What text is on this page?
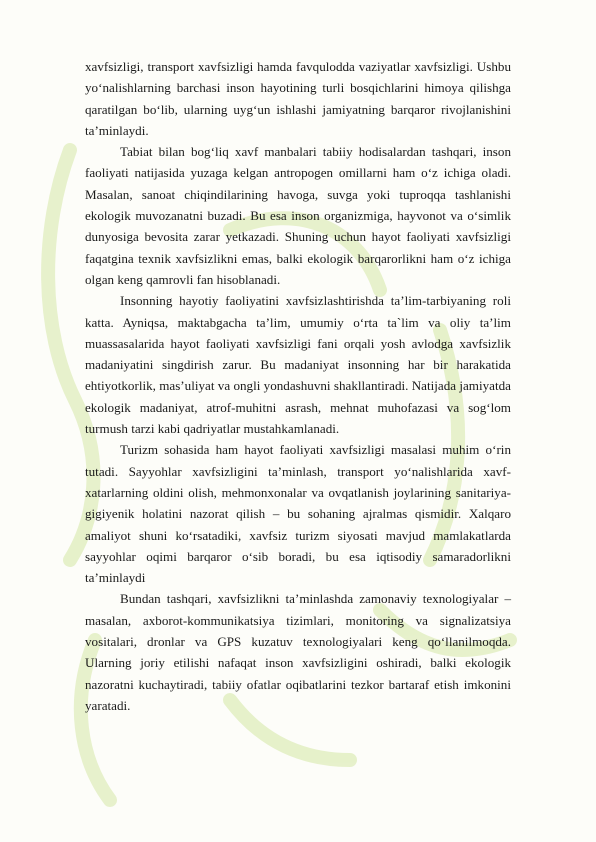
xavfsizligi, transport xavfsizligi hamda favqulodda vaziyatlar xavfsizligi. Ushbu yo‘nalishlarning barchasi inson hayotining turli bosqichlarini himoya qilishga qaratilgan bo‘lib, ularning uyg‘un ishlashi jamiyatning barqaror rivojlanishini ta’minlaydi.

Tabiat bilan bog‘liq xavf manbalari tabiiy hodisalardan tashqari, inson faoliyati natijasida yuzaga kelgan antropogen omillarni ham o‘z ichiga oladi. Masalan, sanoat chiqindilarining havoga, suvga yoki tuproqqa tashlanishi ekologik muvozanatni buzadi. Bu esa inson organizmiga, hayvonot va o‘simlik dunyosiga bevosita zarar yetkazadi. Shuning uchun hayot faoliyati xavfsizligi faqatgina texnik xavfsizlikni emas, balki ekologik barqarorlikni ham o‘z ichiga olgan keng qamrovli fan hisoblanadi.

Insonning hayotiy faoliyatini xavfsizlashtirishda ta’lim-tarbiyaning roli katta. Ayniqsa, maktabgacha ta’lim, umumiy o‘rta ta`lim va oliy ta’lim muassasalarida hayot faoliyati xavfsizligi fani orqali yosh avlodga xavfsizlik madaniyatini singdirish zarur. Bu madaniyat insonning har bir harakatida ehtiyotkorlik, mas’uliyat va ongli yondashuvni shakllantiradi. Natijada jamiyatda ekologik madaniyat, atrof-muhitni asrash, mehnat muhofazasi va sog‘lom turmush tarzi kabi qadriyatlar mustahkamlanadi.

Turizm sohasida ham hayot faoliyati xavfsizligi masalasi muhim o‘rin tutadi. Sayyohlar xavfsizligini ta’minlash, transport yo‘nalishlarida xavf-xatarlarning oldini olish, mehmonxonalar va ovqatlanish joylarining sanitariya-gigiyenik holatini nazorat qilish – bu sohaning ajralmas qismidir. Xalqaro amaliyot shuni ko‘rsatadiki, xavfsiz turizm siyosati mavjud mamlakatlarda sayyohlar oqimi barqaror o‘sib boradi, bu esa iqtisodiy samaradorlikni ta’minlaydi

Bundan tashqari, xavfsizlikni ta’minlashda zamonaviy texnologiyalar – masalan, axborot-kommunikatsiya tizimlari, monitoring va signalizatsiya vositalari, dronlar va GPS kuzatuv texnologiyalari keng qo‘llanilmoqda. Ularning joriy etilishi nafaqat inson xavfsizligini oshiradi, balki ekologik nazoratni kuchaytiradi, tabiiy ofatlar oqibatlarini tezkor bartaraf etish imkonini yaratadi.
